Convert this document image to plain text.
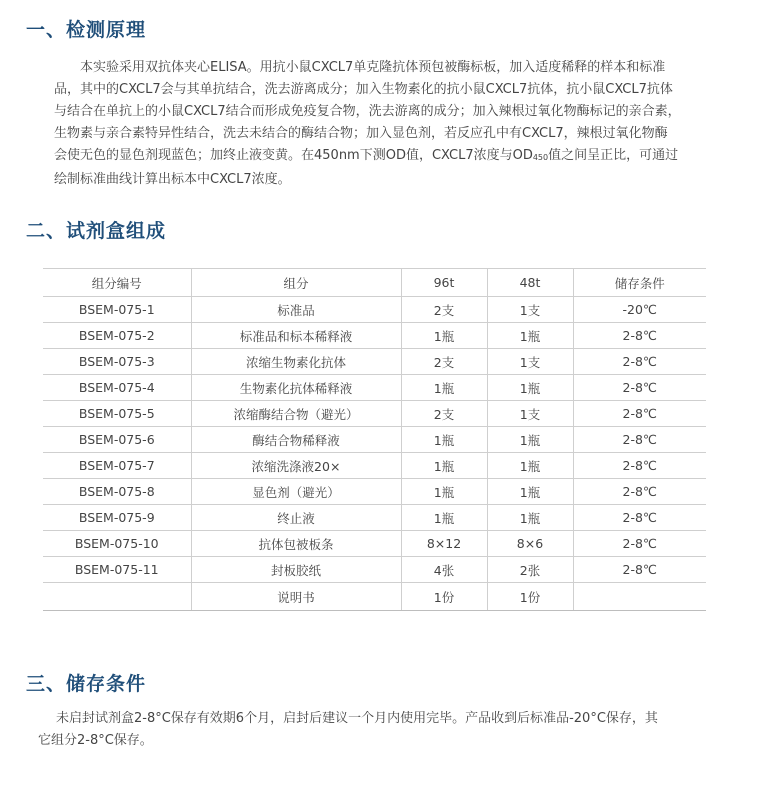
一、检测原理
本实验采用双抗体夹心ELISA。用抗小鼠CXCL7单克隆抗体预包被酶标板，加入适度稀释的样本和标准
品，其中的CXCL7会与其单抗结合，洗去游离成分；加入生物素化的抗小鼠CXCL7抗体，抗小鼠CXCL7抗体
与结合在单抗上的小鼠CXCL7结合而形成免疫复合物，洗去游离的成分；加入辣根过氧化物酶标记的亲合素，
生物素与亲合素特异性结合，洗去未结合的酶结合物；加入显色剂，若反应孔中有CXCL7，辣根过氧化物酶
会使无色的显色剂现蓝色；加终止液变黄。在450nm下测OD值，CXCL7浓度与$OD_{450}$值之间呈正比，可通过
绘制标准曲线计算出标本中CXCL7浓度。
二、试剂盒组成
组分编号	组分	96t	48t	储存条件
BSEM-075-1	标准品	2支	1支	-20℃
BSEM-075-2	标准品和标本稀释液	1瓶	1瓶	2-8℃
BSEM-075-3	浓缩生物素化抗体	2支	1支	2-8℃
BSEM-075-4	生物素化抗体稀释液	1瓶	1瓶	2-8℃
BSEM-075-5	浓缩酶结合物（避光）	2支	1支	2-8℃
BSEM-075-6	酶结合物稀释液	1瓶	1瓶	2-8℃
BSEM-075-7	浓缩洗涤液20×	1瓶	1瓶	2-8℃
BSEM-075-8	显色剂（避光）	1瓶	1瓶	2-8℃
BSEM-075-9	终止液	1瓶	1瓶	2-8℃
BSEM-075-10	抗体包被板条	8×12	8×6	2-8℃
BSEM-075-11	封板胶纸	4张	2张	2-8℃
	说明书	1份	1份	
三、储存条件
未启封试剂盒2-8°C保存有效期6个月，启封后建议一个月内使用完毕。产品收到后标准品-20°C保存，其
它组分2-8°C保存。
